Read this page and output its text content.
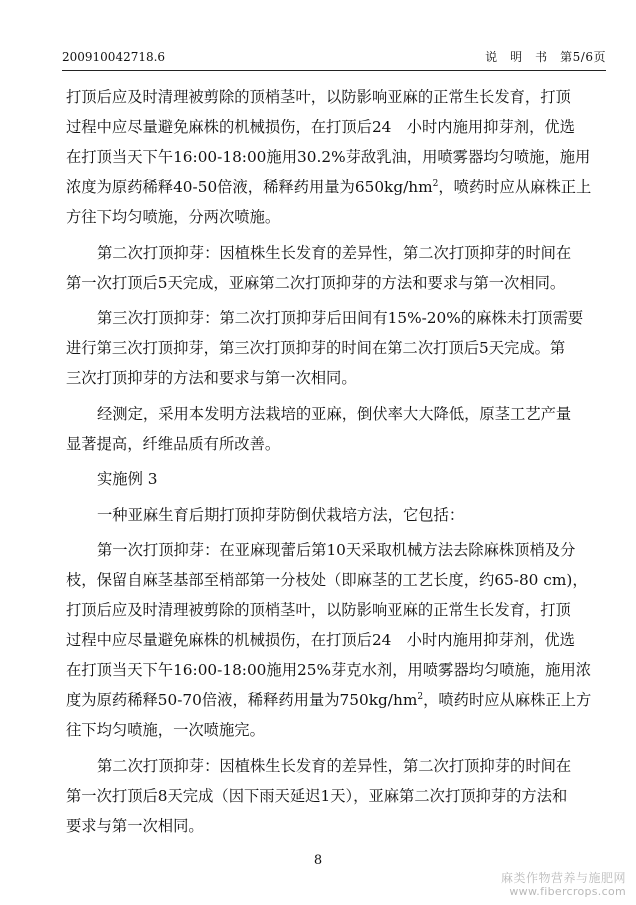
200910042718.6	说　明　书　 第5/6页
打顶后应及时清理被剪除的顶梢茎叶，以防影响亚麻的正常生长发育，打顶
过程中应尽量避免麻株的机械损伤，在打顶后24　小时内施用抑芽剂，优选
在打顶当天下午16:00-18:00施用30.2%芽敌乳油，用喷雾器均匀喷施，施用
浓度为原药稀释40-50倍液，稀释药用量为$650kg/hm^2$，喷药时应从麻株正上
方往下均匀喷施，分两次喷施。
第二次打顶抑芽：因植株生长发育的差异性，第二次打顶抑芽的时间在
第一次打顶后5天完成，亚麻第二次打顶抑芽的方法和要求与第一次相同。
第三次打顶抑芽：第二次打顶抑芽后田间有15%-20%的麻株未打顶需要
进行第三次打顶抑芽，第三次打顶抑芽的时间在第二次打顶后5天完成。第
三次打顶抑芽的方法和要求与第一次相同。
经测定，采用本发明方法栽培的亚麻，倒伏率大大降低，原茎工艺产量
显著提高，纤维品质有所改善。
实施例 3
一种亚麻生育后期打顶抑芽防倒伏栽培方法，它包括：
第一次打顶抑芽：在亚麻现蕾后第10天采取机械方法去除麻株顶梢及分
枝，保留自麻茎基部至梢部第一分枝处（即麻茎的工艺长度，约65-80 cm)，
打顶后应及时清理被剪除的顶梢茎叶，以防影响亚麻的正常生长发育，打顶
过程中应尽量避免麻株的机械损伤，在打顶后24　小时内施用抑芽剂，优选
在打顶当天下午16:00-18:00施用25%芽克水剂，用喷雾器均匀喷施，施用浓
度为原药稀释50-70倍液，稀释药用量为$750kg/hm^2$，喷药时应从麻株正上方
往下均匀喷施，一次喷施完。
第二次打顶抑芽：因植株生长发育的差异性，第二次打顶抑芽的时间在
第一次打顶后8天完成（因下雨天延迟1天），亚麻第二次打顶抑芽的方法和
要求与第一次相同。
8
麻类作物营养与施肥网
www.fibercrops.com
